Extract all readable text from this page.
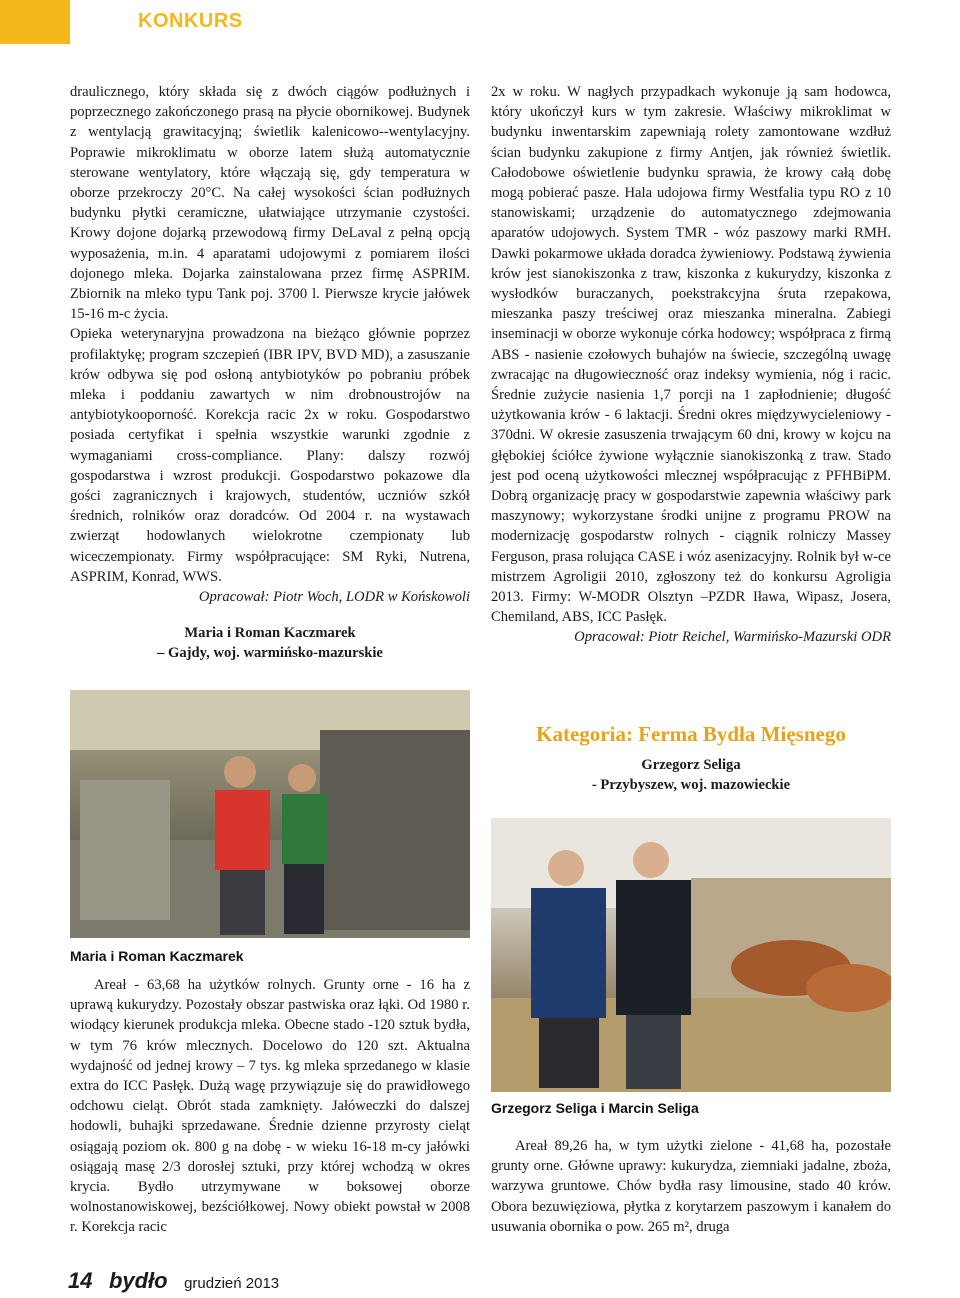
KONKURS

draulicznego, który składa się z dwóch ciągów podłużnych i poprzecznego zakończonego prasą na płycie obornikowej. Budynek z wentylacją grawitacyjną; świetlik kalenicowo-‑wentylacyjny. Poprawie mikroklimatu w oborze latem służą automatycznie sterowane wentylatory, które włączają się, gdy temperatura w oborze przekroczy 20°C. Na całej wysokości ścian podłużnych budynku płytki ceramiczne, ułatwiające utrzymanie czystości. Krowy dojone dojarką przewodową firmy DeLaval z pełną opcją wyposażenia, m.in. 4 aparatami udojowymi z pomiarem ilości dojonego mleka. Dojarka zainstalowana przez firmę ASPRIM. Zbiornik na mleko typu Tank poj. 3700 l. Pierwsze krycie jałówek 15-16 m-c życia.

Opieka weterynaryjna prowadzona na bieżąco głównie poprzez profilaktykę; program szczepień (IBR IPV, BVD MD), a zasuszanie krów odbywa się pod osłoną antybiotyków po pobraniu próbek mleka i poddaniu zawartych w nim drobnoustrojów na antybiotykooporność. Korekcja racic 2x w roku. Gospodarstwo posiada certyfikat i spełnia wszystkie warunki zgodnie z wymaganiami cross-compliance. Plany: dalszy rozwój gospodarstwa i wzrost produkcji. Gospodarstwo pokazowe dla gości zagranicznych i krajowych, studentów, uczniów szkół średnich, rolników oraz doradców. Od 2004 r. na wystawach zwierząt hodowlanych wielokrotne czempionaty lub wiceczempionaty. Firmy współpracujące: SM Ryki, Nutrena, ASPRIM, Konrad, WWS.

Opracował: Piotr Woch, LODR w Końskowoli

Maria i Roman Kaczmarek
– Gajdy, woj. warmińsko-mazurskie
Maria i Roman Kaczmarek

Areał - 63,68 ha użytków rolnych. Grunty orne - 16 ha z uprawą kukurydzy. Pozostały obszar pastwiska oraz łąki. Od 1980 r. wiodący kierunek produkcja mleka. Obecne stado -120 sztuk bydła, w tym 76 krów mlecznych. Docelowo do 120 szt. Aktualna wydajność od jednej krowy – 7 tys. kg mleka sprzedanego w klasie extra do ICC Pasłęk. Dużą wagę przywiązuje się do prawidłowego odchowu cieląt. Obrót stada zamknięty. Jałóweczki do dalszej hodowli, buhajki sprzedawane. Średnie dzienne przyrosty cieląt osiągają poziom ok. 800 g na dobę - w wieku 16-18 m-cy jałówki osiągają masę 2/3 dorosłej sztuki, przy której wchodzą w okres krycia. Bydło utrzymywane w boksowej oborze wolnostanowiskowej, bezściółkowej. Nowy obiekt powstał w 2008 r. Korekcja racic

2x w roku. W nagłych przypadkach wykonuje ją sam hodowca, który ukończył kurs w tym zakresie. Właściwy mikroklimat w budynku inwentarskim zapewniają rolety zamontowane wzdłuż ścian budynku zakupione z firmy Antjen, jak również świetlik. Całodobowe oświetlenie budynku sprawia, że krowy całą dobę mogą pobierać pasze. Hala udojowa firmy Westfalia typu RO z 10 stanowiskami; urządzenie do automatycznego zdejmowania aparatów udojowych. System TMR - wóz paszowy marki RMH. Dawki pokarmowe układa doradca żywieniowy. Podstawą żywienia krów jest sianokiszonka z traw, kiszonka z kukurydzy, kiszonka z wysłodków buraczanych, poekstrakcyjna śruta rzepakowa, mieszanka paszy treściwej oraz mieszanka mineralna. Zabiegi inseminacji w oborze wykonuje córka hodowcy; współpraca z firmą ABS - nasienie czołowych buhajów na świecie, szczególną uwagę zwracając na długowieczność oraz indeksy wymienia, nóg i racic. Średnie zużycie nasienia 1,7 porcji na 1 zapłodnienie; długość użytkowania krów - 6 laktacji. Średni okres międzywycieleniowy - 370dni. W okresie zasuszenia trwającym 60 dni, krowy w kojcu na głębokiej ściółce żywione wyłącznie sianokiszonką z traw. Stado jest pod oceną użytkowości mlecznej współpracując z PFHBiPM. Dobrą organizację pracy w gospodarstwie zapewnia właściwy park maszynowy; wykorzystane środki unijne z programu PROW na modernizację gospodarstw rolnych - ciągnik rolniczy Massey Ferguson, prasa rolująca CASE i wóz asenizacyjny. Rolnik był w-ce mistrzem Agroligii 2010, zgłoszony też do konkursu Agroligia 2013. Firmy: W-MODR Olsztyn –PZDR Iława, Wipasz, Josera, Chemiland, ABS, ICC Pasłęk.

Opracował: Piotr Reichel, Warmińsko-Mazurski ODR

Kategoria: Ferma Bydła Mięsnego
Grzegorz Seliga
- Przybyszew, woj. mazowieckie
Grzegorz Seliga i Marcin Seliga

Areał 89,26 ha, w tym użytki zielone - 41,68 ha, pozostałe grunty orne. Główne uprawy: kukurydza, ziemniaki jadalne, zboża, warzywa gruntowe. Chów bydła rasy limousine, stado 40 krów. Obora bezuwięziowa, płytka z korytarzem paszowym i kanałem do usuwania obornika o pow. 265 m², druga

14 bydło grudzień 2013
